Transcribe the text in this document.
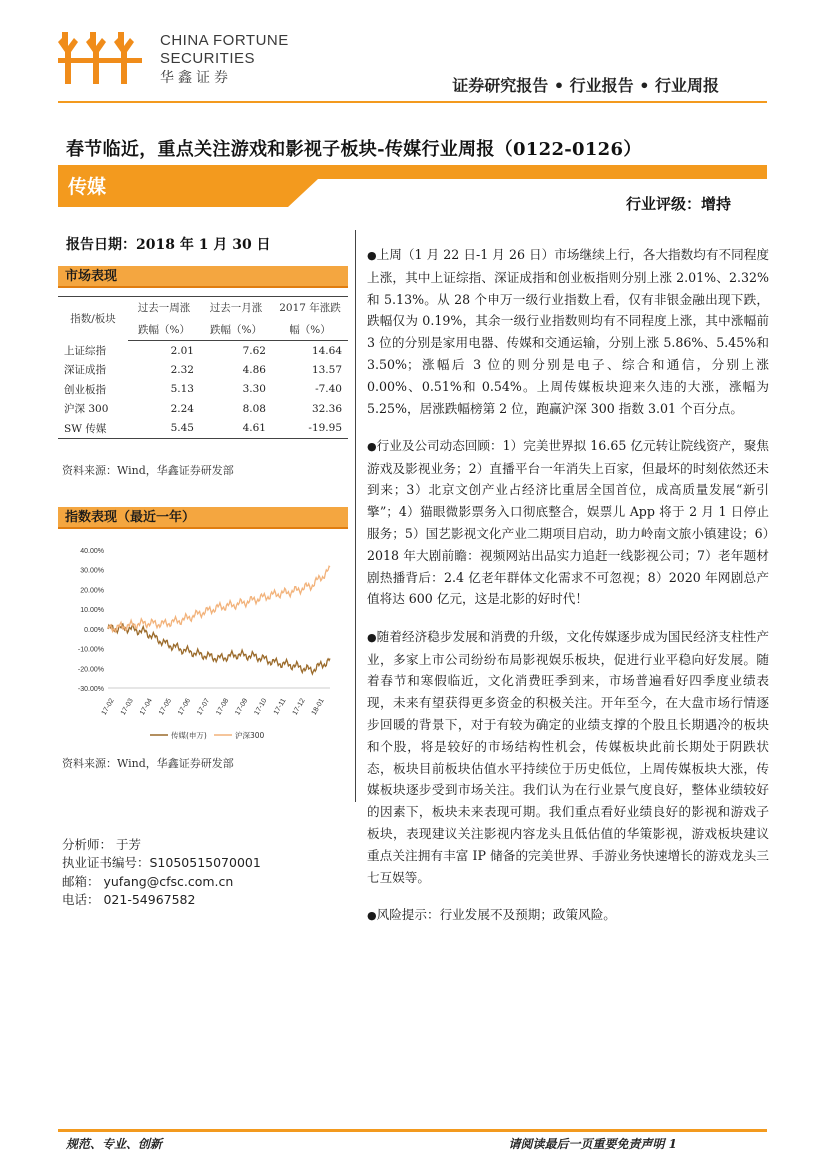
CHINA FORTUNE
SECURITIES
华鑫证券	证券研究报告 • 行业报告 • 行业周报
春节临近，重点关注游戏和影视子板块-传媒行业周报（0122-0126）
传媒
行业评级：增持
报告日期：2018 年 1 月 30 日
市场表现
指数/板块	过去一周涨	过去一月涨	2017 年涨跌
	跌幅（%）	跌幅（%）	幅（%）
上证综指	2.01	7.62	14.64
深证成指	2.32	4.86	13.57
创业板指	5.13	3.30	-7.40
沪深 300	2.24	8.08	32.36
SW 传媒	5.45	4.61	-19.95
资料来源：Wind，华鑫证券研发部
指数表现（最近一年）
40.00%
30.00%
20.00%
10.00%
0.00%
-10.00%
-20.00%
-30.00%
17-02 17-03 17-04 17-05 17-06 17-07 17-08 17-09 17-10 17-11 17-12 18-01
传媒(申万)	沪深300
资料来源：Wind，华鑫证券研发部
分析师： 于芳
执业证书编号：S1050515070001
邮箱： yufang@cfsc.com.cn
电话： 021-54967582

●上周（1 月 22 日-1 月 26 日）市场继续上行，各大指数均有不同程度上涨，其中上证综指、深证成指和创业板指则分别上涨 2.01%、2.32%和 5.13%。从 28 个申万一级行业指数上看，仅有非银金融出现下跌，跌幅仅为 0.19%，其余一级行业指数则均有不同程度上涨，其中涨幅前 3 位的分别是家用电器、传媒和交通运输，分别上涨 5.86%、5.45%和 3.50%；涨幅后 3 位的则分别是电子、综合和通信，分别上涨 0.00%、0.51%和 0.54%。上周传媒板块迎来久违的大涨，涨幅为 5.25%，居涨跌幅榜第 2 位，跑赢沪深 300 指数 3.01 个百分点。

●行业及公司动态回顾：1）完美世界拟 16.65 亿元转让院线资产，聚焦游戏及影视业务；2）直播平台一年消失上百家，但最坏的时刻依然还未到来；3）北京文创产业占经济比重居全国首位，成高质量发展“新引擎”；4）猫眼微影票务入口彻底整合，娱票儿 App 将于 2 月 1 日停止服务；5）国艺影视文化产业二期项目启动，助力岭南文旅小镇建设；6）2018 年大剧前瞻：视频网站出品实力追赶一线影视公司；7）老年题材剧热播背后：2.4 亿老年群体文化需求不可忽视；8）2020 年网剧总产值将达 600 亿元，这是北影的好时代！

●随着经济稳步发展和消费的升级，文化传媒逐步成为国民经济支柱性产业，多家上市公司纷纷布局影视娱乐板块，促进行业平稳向好发展。随着春节和寒假临近，文化消费旺季到来，市场普遍看好四季度业绩表现，未来有望获得更多资金的积极关注。开年至今，在大盘市场行情逐步回暖的背景下，对于有较为确定的业绩支撑的个股且长期遇冷的板块和个股，将是较好的市场结构性机会，传媒板块此前长期处于阴跌状态，板块目前板块估值水平持续位于历史低位，上周传媒板块大涨，传媒板块逐步受到市场关注。我们认为在行业景气度良好，整体业绩较好的因素下，板块未来表现可期。我们重点看好业绩良好的影视和游戏子板块，表现建议关注影视内容龙头且低估值的华策影视，游戏板块建议重点关注拥有丰富 IP 储备的完美世界、手游业务快速增长的游戏龙头三七互娱等。

●风险提示：行业发展不及预期；政策风险。

规范、专业、创新	请阅读最后一页重要免责声明 1
